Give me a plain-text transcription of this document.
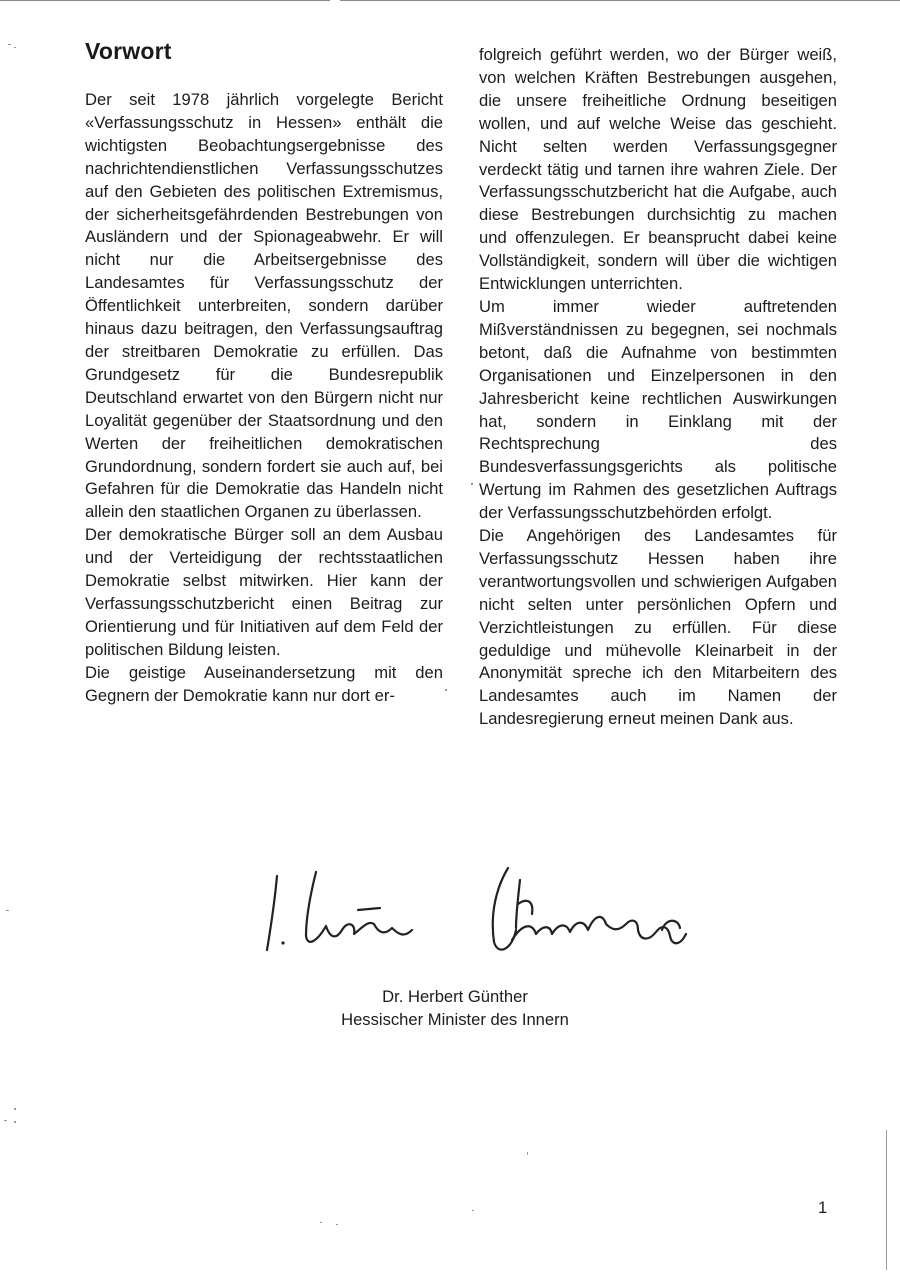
Vorwort

Der seit 1978 jährlich vorgelegte Bericht «Verfassungsschutz in Hessen» enthält die wichtigsten Beobachtungsergebnisse des nachrichtendienstlichen Verfassungsschutzes auf den Gebieten des politischen Extremismus, der sicherheitsgefährdenden Bestrebungen von Ausländern und der Spionageabwehr. Er will nicht nur die Arbeitsergebnisse des Landesamtes für Verfassungsschutz der Öffentlichkeit unterbreiten, sondern darüber hinaus dazu beitragen, den Verfassungsauftrag der streitbaren Demokratie zu erfüllen. Das Grundgesetz für die Bundesrepublik Deutschland erwartet von den Bürgern nicht nur Loyalität gegenüber der Staatsordnung und den Werten der freiheitlichen demokratischen Grundordnung, sondern fordert sie auch auf, bei Gefahren für die Demokratie das Handeln nicht allein den staatlichen Organen zu überlassen.

Der demokratische Bürger soll an dem Ausbau und der Verteidigung der rechtsstaatlichen Demokratie selbst mitwirken. Hier kann der Verfassungsschutzbericht einen Beitrag zur Orientierung und für Initiativen auf dem Feld der politischen Bildung leisten.

Die geistige Auseinandersetzung mit den Gegnern der Demokratie kann nur dort er-

folgreich geführt werden, wo der Bürger weiß, von welchen Kräften Bestrebungen ausgehen, die unsere freiheitliche Ordnung beseitigen wollen, und auf welche Weise das geschieht. Nicht selten werden Verfassungsgegner verdeckt tätig und tarnen ihre wahren Ziele. Der Verfassungsschutzbericht hat die Aufgabe, auch diese Bestrebungen durchsichtig zu machen und offenzulegen. Er beansprucht dabei keine Vollständigkeit, sondern will über die wichtigen Entwicklungen unterrichten.

Um immer wieder auftretenden Mißverständnissen zu begegnen, sei nochmals betont, daß die Aufnahme von bestimmten Organisationen und Einzelpersonen in den Jahresbericht keine rechtlichen Auswirkungen hat, sondern in Einklang mit der Rechtsprechung des Bundesverfassungsgerichts als politische Wertung im Rahmen des gesetzlichen Auftrags der Verfassungsschutzbehörden erfolgt.

Die Angehörigen des Landesamtes für Verfassungsschutz Hessen haben ihre verantwortungsvollen und schwierigen Aufgaben nicht selten unter persönlichen Opfern und Verzichtleistungen zu erfüllen. Für diese geduldige und mühevolle Kleinarbeit in der Anonymität spreche ich den Mitarbeitern des Landesamtes auch im Namen der Landesregierung erneut meinen Dank aus.

Dr. Herbert Günther
Hessischer Minister des Innern
1
